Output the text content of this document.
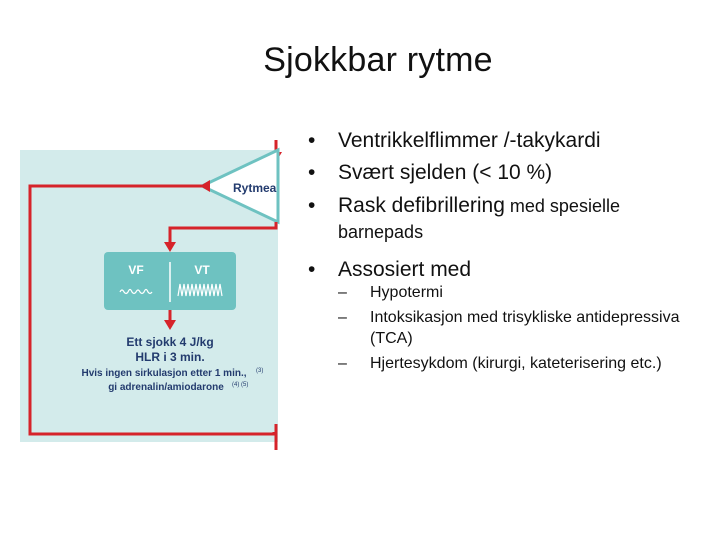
Sjokkbar rytme
Rytmea
VF	VT
Ett sjokk 4 J/kg
HLR i 3 min.
Hvis ingen sirkulasjon etter 1 min., (3)
gi adrenalin/amiodarone (4) (5)
• Ventrikkelflimmer /-takykardi
• Svært sjelden (< 10 %)
• Rask defibrillering med spesielle barnepads
• Assosiert med
– Hypotermi
– Intoksikasjon med trisykliske antidepressiva (TCA)
– Hjertesykdom (kirurgi, kateterisering etc.)
